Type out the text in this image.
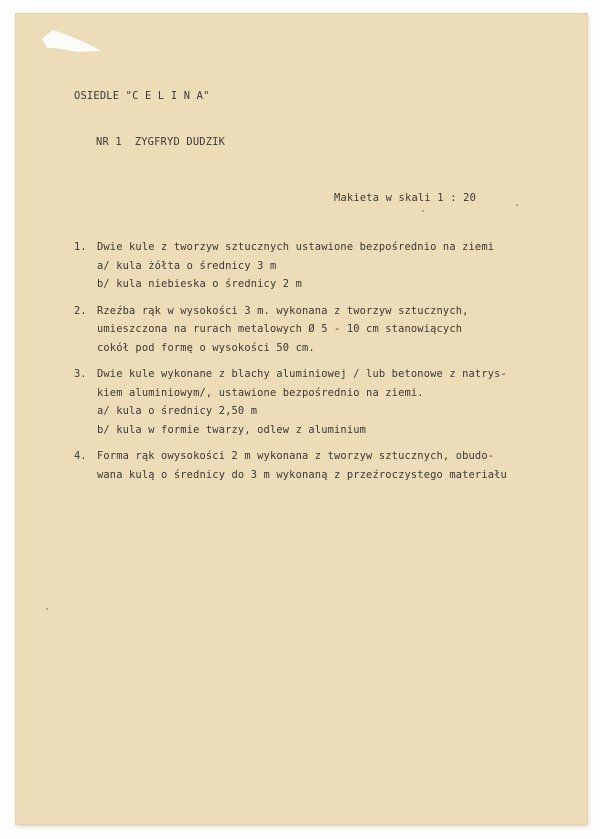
OSIEDLE "C E L I N A"
NR 1  ZYGFRYD DUDZIK
Makieta w skali 1 : 20
1. Dwie kule z tworzyw sztucznych ustawione bezpośrednio na ziemi
a/ kula żółta o średnicy 3 m
b/ kula niebieska o średnicy 2 m
2. Rzeźba rąk w wysokości 3 m. wykonana z tworzyw sztucznych,
umieszczona na rurach metalowych Ø 5 - 10 cm stanowiących
cokół pod formę o wysokości 50 cm.
3. Dwie kule wykonane z blachy aluminiowej / lub betonowe z natrys-
kiem aluminiowym/, ustawione bezpośrednio na ziemi.
a/ kula o średnicy 2,50 m
b/ kula w formie twarzy, odlew z aluminium
4. Forma rąk owysokości 2 m wykonana z tworzyw sztucznych, obudo-
wana kulą o średnicy do 3 m wykonaną z przeźroczystego materiału
